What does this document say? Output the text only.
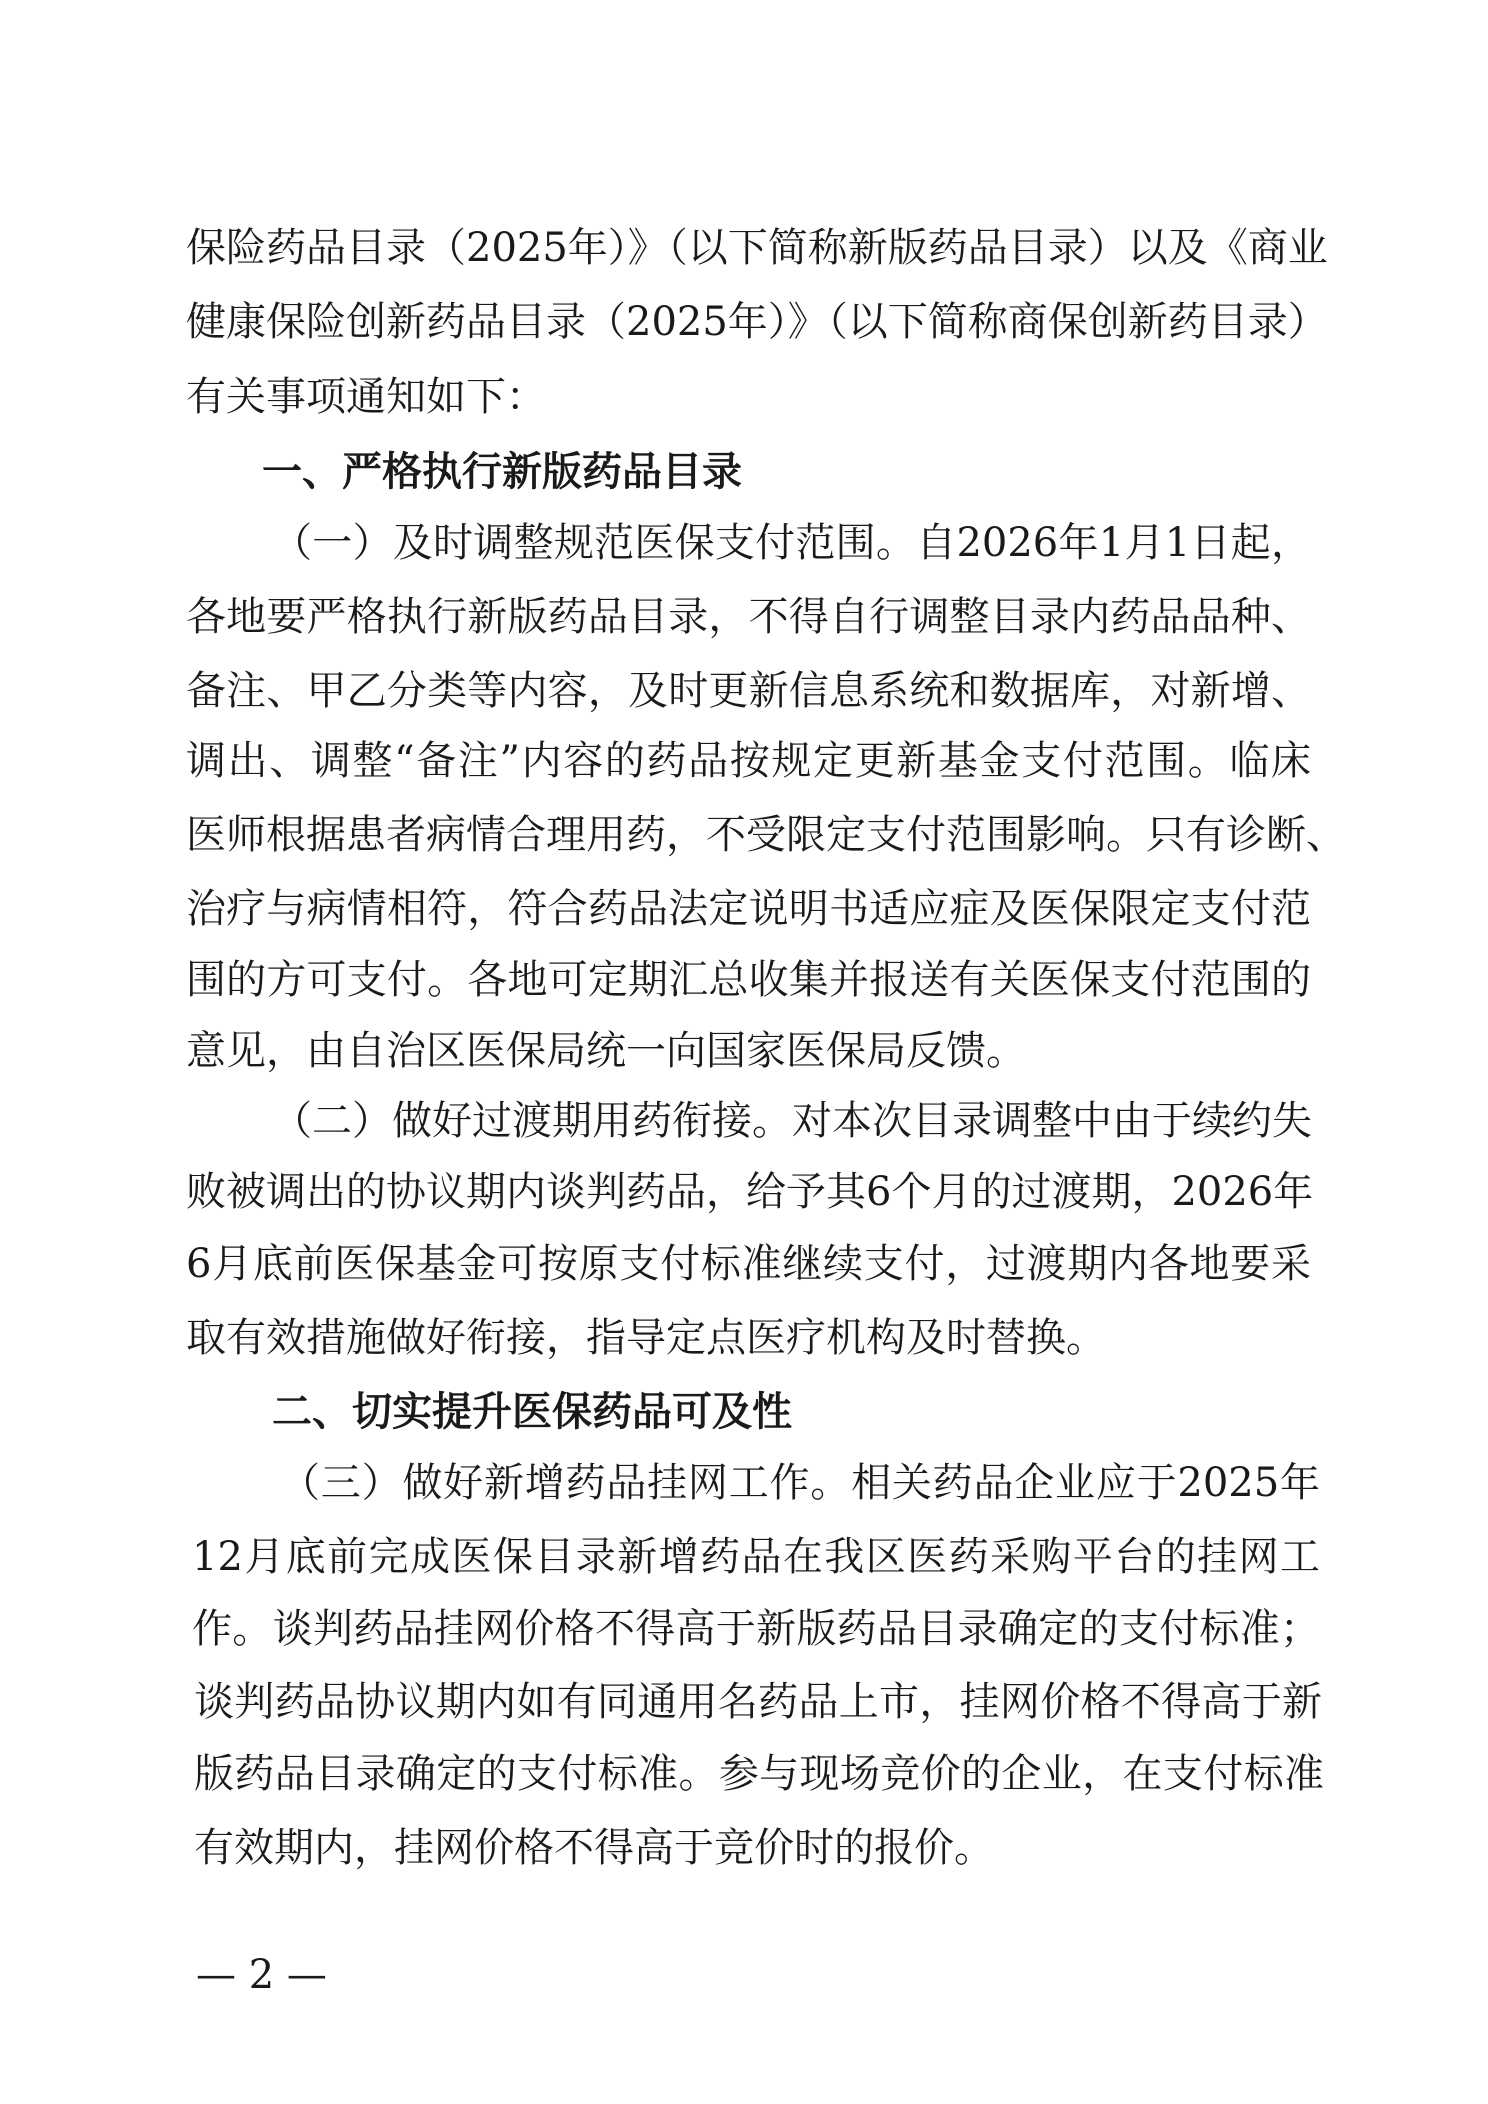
保险药品目录（2025年）》（以下简称新版药品目录）以及《商业
健康保险创新药品目录（2025年）》（以下简称商保创新药目录）
有关事项通知如下：
一、严格执行新版药品目录
（一）及时调整规范医保支付范围。自2026年1月1日起，
各地要严格执行新版药品目录，不得自行调整目录内药品品种、
备注、甲乙分类等内容，及时更新信息系统和数据库，对新增、
调出、调整“备注”内容的药品按规定更新基金支付范围。临床
医师根据患者病情合理用药，不受限定支付范围影响。只有诊断、
治疗与病情相符，符合药品法定说明书适应症及医保限定支付范
围的方可支付。各地可定期汇总收集并报送有关医保支付范围的
意见，由自治区医保局统一向国家医保局反馈。
（二）做好过渡期用药衔接。对本次目录调整中由于续约失
败被调出的协议期内谈判药品，给予其6个月的过渡期，2026年
6月底前医保基金可按原支付标准继续支付，过渡期内各地要采
取有效措施做好衔接，指导定点医疗机构及时替换。
二、切实提升医保药品可及性
（三）做好新增药品挂网工作。相关药品企业应于2025年
12月底前完成医保目录新增药品在我区医药采购平台的挂网工
作。谈判药品挂网价格不得高于新版药品目录确定的支付标准；
谈判药品协议期内如有同通用名药品上市，挂网价格不得高于新
版药品目录确定的支付标准。参与现场竞价的企业，在支付标准
有效期内，挂网价格不得高于竞价时的报价。
— 2 —
